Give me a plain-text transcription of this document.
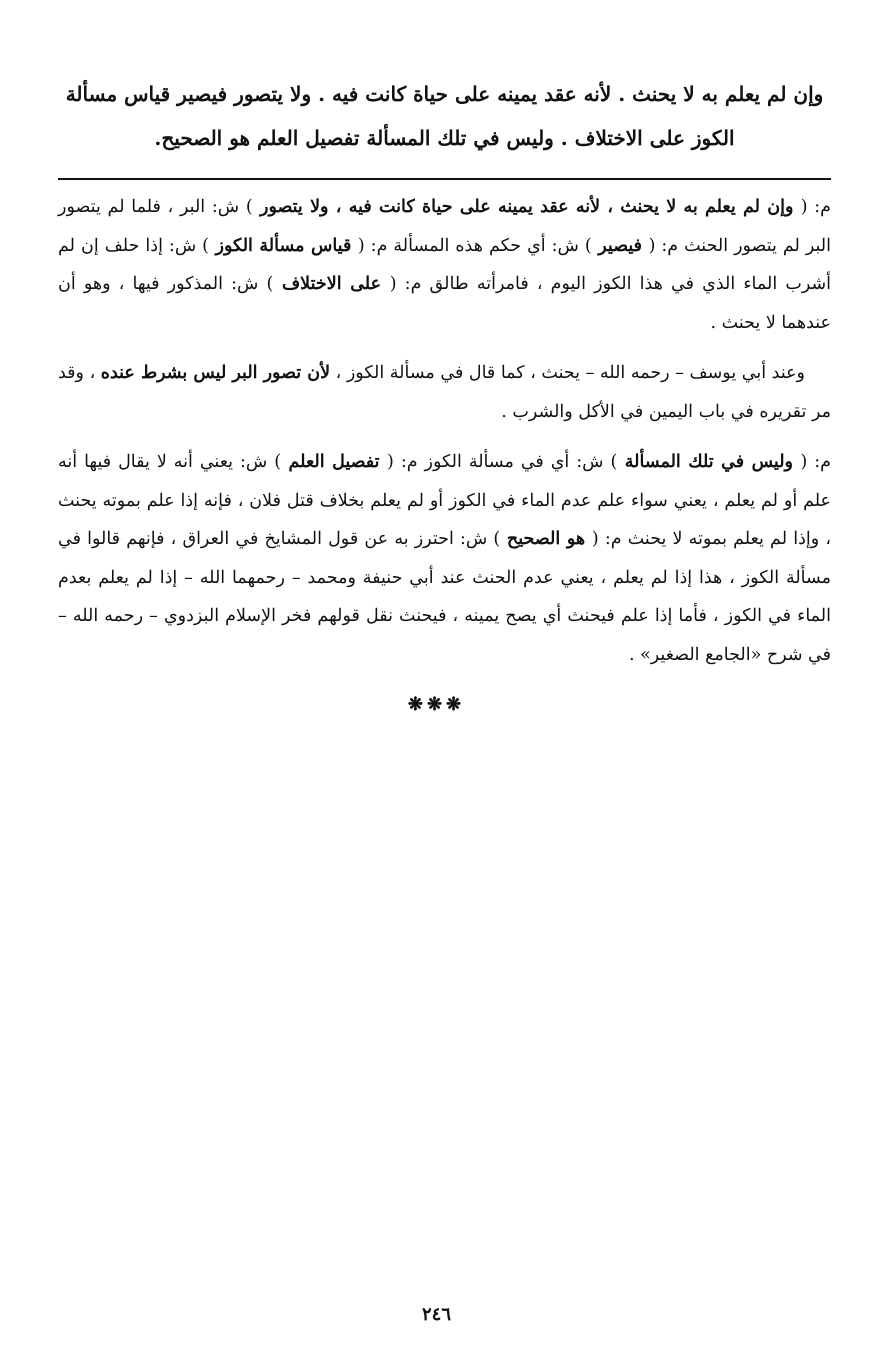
وإن لم يعلم به لا يحنث . لأنه عقد يمينه على حياة كانت فيه . ولا يتصور فيصير قياس مسألة
الكوز على الاختلاف . وليس في تلك المسألة تفصيل العلم هو الصحيح.

م: ( وإن لم يعلم به لا يحنث ، لأنه عقد يمينه على حياة كانت فيه ، ولا يتصور ) ش: البر ، فلما لم يتصور البر لم يتصور الحنث م: ( فيصير ) ش: أي حكم هذه المسألة م: ( قياس مسألة الكوز ) ش: إذا حلف إن لم أشرب الماء الذي في هذا الكوز اليوم ، فامرأته طالق م: ( على الاختلاف ) ش: المذكور فيها ، وهو أن عندهما لا يحنث .

وعند أبي يوسف – رحمه الله – يحنث ، كما قال في مسألة الكوز ، لأن تصور البر ليس بشرط عنده ، وقد مر تقريره في باب اليمين في الأكل والشرب .

م: ( وليس في تلك المسألة ) ش: أي في مسألة الكوز م: ( تفصيل العلم ) ش: يعني أنه لا يقال فيها أنه علم أو لم يعلم ، يعني سواء علم عدم الماء في الكوز أو لم يعلم بخلاف قتل فلان ، فإنه إذا علم بموته يحنث ، وإذا لم يعلم بموته لا يحنث م: ( هو الصحيح ) ش: احترز به عن قول المشايخ في العراق ، فإنهم قالوا في مسألة الكوز ، هذا إذا لم يعلم ، يعني عدم الحنث عند أبي حنيفة ومحمد – رحمهما الله – إذا لم يعلم بعدم الماء في الكوز ، فأما إذا علم فيحنث أي يصح يمينه ، فيحنث نقل قولهم فخر الإسلام البزدوي – رحمه الله – في شرح «الجامع الصغير» .

❋❋❋
٢٤٦
